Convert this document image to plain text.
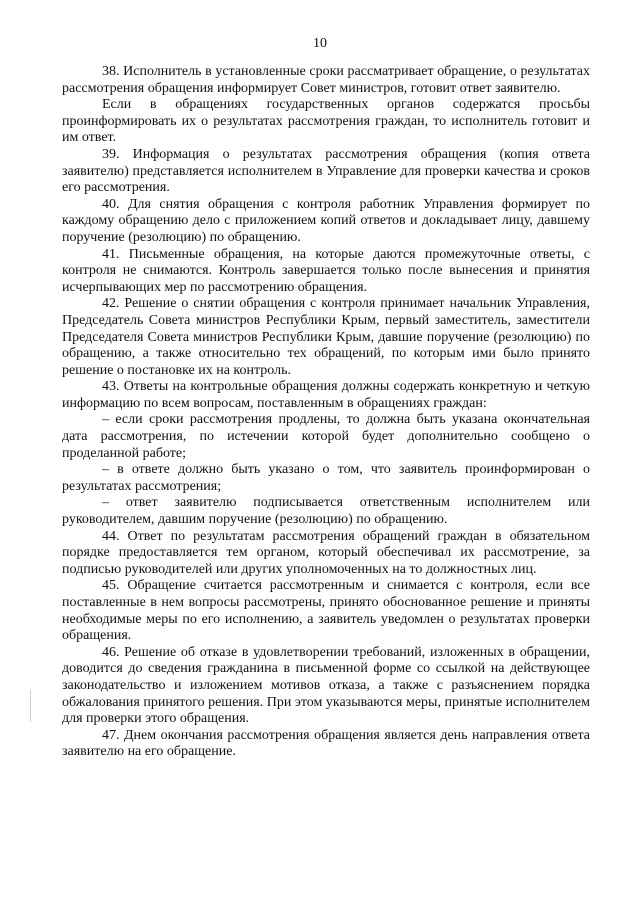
10

38. Исполнитель в установленные сроки рассматривает обращение, о результатах рассмотрения обращения информирует Совет министров, готовит ответ заявителю.

Если в обращениях государственных органов содержатся просьбы проинформировать их о результатах рассмотрения граждан, то исполнитель готовит и им ответ.

39. Информация о результатах рассмотрения обращения (копия ответа заявителю) представляется исполнителем в Управление для проверки качества и сроков его рассмотрения.

40. Для снятия обращения с контроля работник Управления формирует по каждому обращению дело с приложением копий ответов и докладывает лицу, давшему поручение (резолюцию) по обращению.

41. Письменные обращения, на которые даются промежуточные ответы, с контроля не снимаются. Контроль завершается только после вынесения и принятия исчерпывающих мер по рассмотрению обращения.

42. Решение о снятии обращения с контроля принимает начальник Управления, Председатель Совета министров Республики Крым, первый заместитель, заместители Председателя Совета министров Республики Крым, давшие поручение (резолюцию) по обращению, а также относительно тех обращений, по которым ими было принято решение о постановке их на контроль.

43. Ответы на контрольные обращения должны содержать конкретную и четкую информацию по всем вопросам, поставленным в обращениях граждан:

– если сроки рассмотрения продлены, то должна быть указана окончательная дата рассмотрения, по истечении которой будет дополнительно сообщено о проделанной работе;

– в ответе должно быть указано о том, что заявитель проинформирован о результатах рассмотрения;

– ответ заявителю подписывается ответственным исполнителем или руководителем, давшим поручение (резолюцию) по обращению.

44. Ответ по результатам рассмотрения обращений граждан в обязательном порядке предоставляется тем органом, который обеспечивал их рассмотрение, за подписью руководителей или других уполномоченных на то должностных лиц.

45. Обращение считается рассмотренным и снимается с контроля, если все поставленные в нем вопросы рассмотрены, принято обоснованное решение и приняты необходимые меры по его исполнению, а заявитель уведомлен о результатах проверки обращения.

46. Решение об отказе в удовлетворении требований, изложенных в обращении, доводится до сведения гражданина в письменной форме со ссылкой на действующее законодательство и изложением мотивов отказа, а также с разъяснением порядка обжалования принятого решения. При этом указываются меры, принятые исполнителем для проверки этого обращения.

47. Днем окончания рассмотрения обращения является день направления ответа заявителю на его обращение.
